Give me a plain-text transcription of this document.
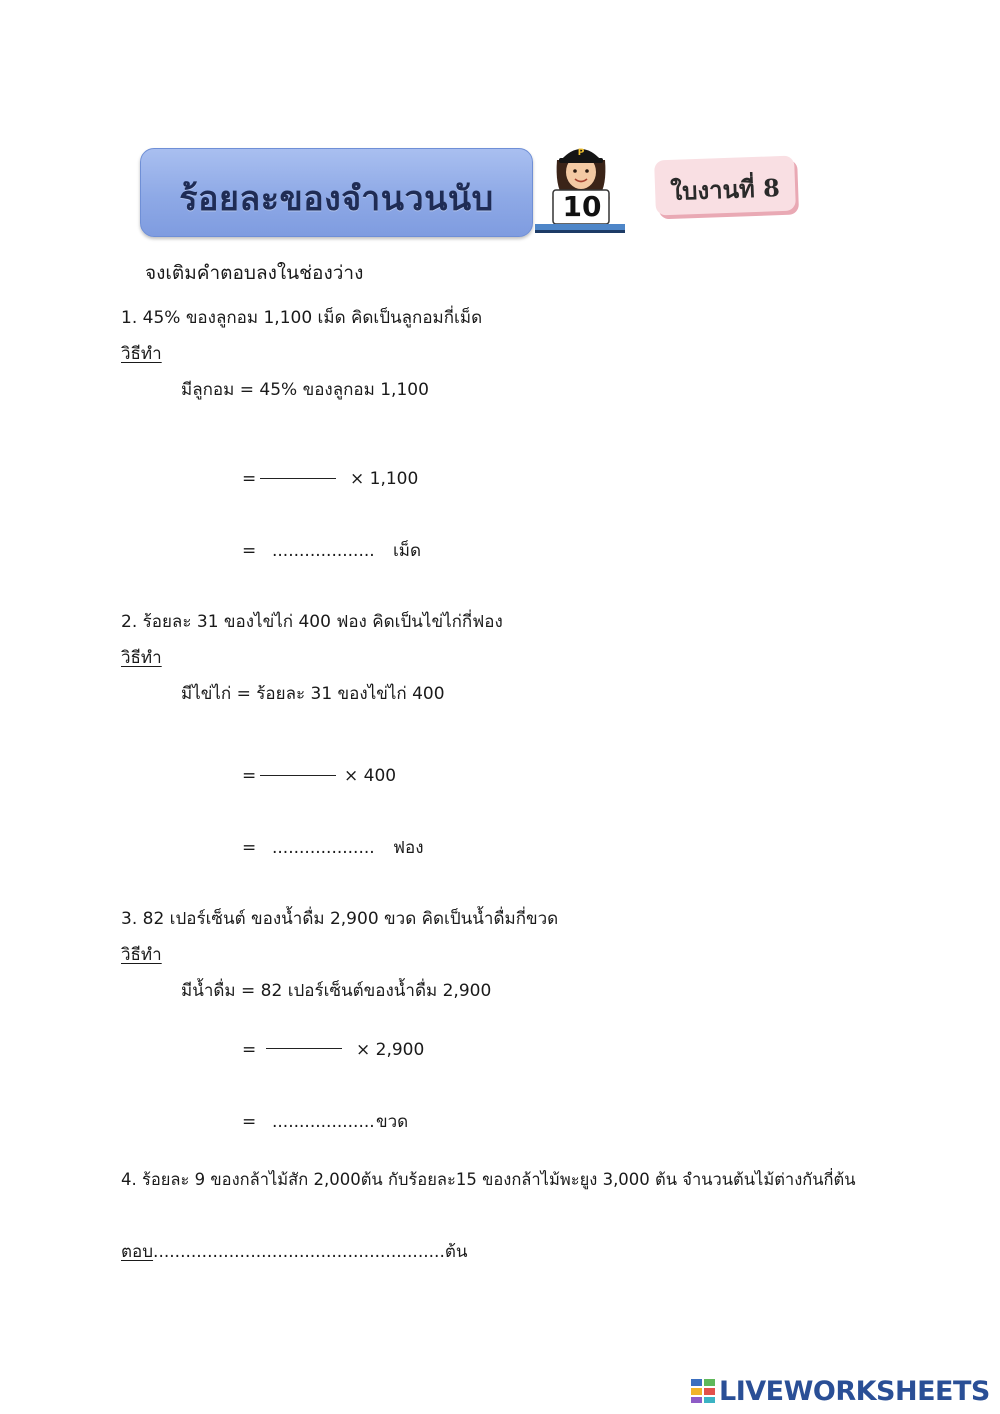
ร้อยละของจำนวนนับ
P
10
ใบงานที่ 8
จงเติมคำตอบลงในช่องว่าง
1. 45% ของลูกอม 1,100 เม็ด คิดเป็นลูกอมกี่เม็ด
วิธีทำ
มีลูกอม = 45% ของลูกอม 1,100
=	× 1,100
= ................... เม็ด
2. ร้อยละ 31 ของไข่ไก่ 400 ฟอง คิดเป็นไข่ไก่กี่ฟอง
วิธีทำ
มีไข่ไก่ = ร้อยละ 31 ของไข่ไก่ 400
=	× 400
= ................... ฟอง
3. 82 เปอร์เซ็นต์ ของน้ำดื่ม 2,900 ขวด คิดเป็นน้ำดื่มกี่ขวด
วิธีทำ
มีน้ำดื่ม = 82 เปอร์เซ็นต์ของน้ำดื่ม 2,900
=	× 2,900
= ................... ขวด
4. ร้อยละ 9 ของกล้าไม้สัก 2,000ต้น กับร้อยละ15 ของกล้าไม้พะยูง 3,000 ต้น จำนวนต้นไม้ต่างกันกี่ต้น
ตอบ......................................................ต้น
LIVEWORKSHEETS
